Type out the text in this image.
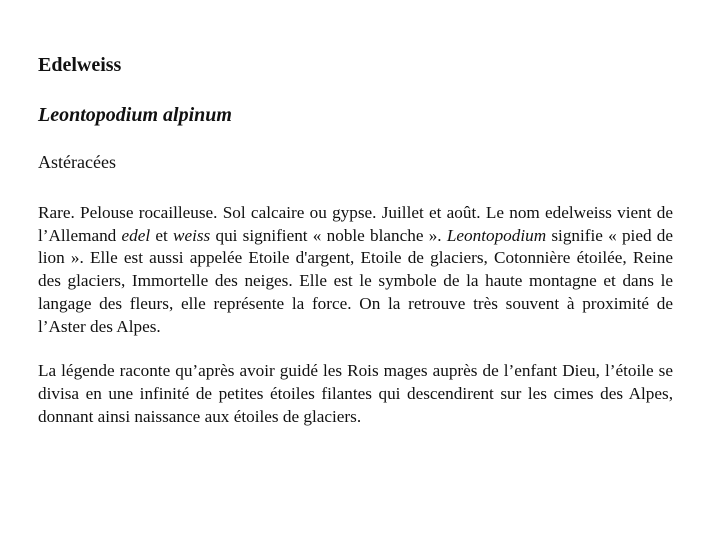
Edelweiss
Leontopodium alpinum
Astéracées

Rare. Pelouse rocailleuse. Sol calcaire ou gypse. Juillet et août. Le nom edelweiss vient de l’Allemand edel et weiss qui signifient « noble blanche ». Leontopodium signifie « pied de lion ». Elle est aussi appelée Etoile d'argent, Etoile de glaciers, Cotonnière étoilée, Reine des glaciers, Immortelle des neiges. Elle est le symbole de la haute montagne et dans le langage des fleurs, elle représente la force. On la retrouve très souvent à proximité de l’Aster des Alpes.

La légende raconte qu’après avoir guidé les Rois mages auprès de l’enfant Dieu, l’étoile se divisa en une infinité de petites étoiles filantes qui descendirent sur les cimes des Alpes, donnant ainsi naissance aux étoiles de glaciers.
